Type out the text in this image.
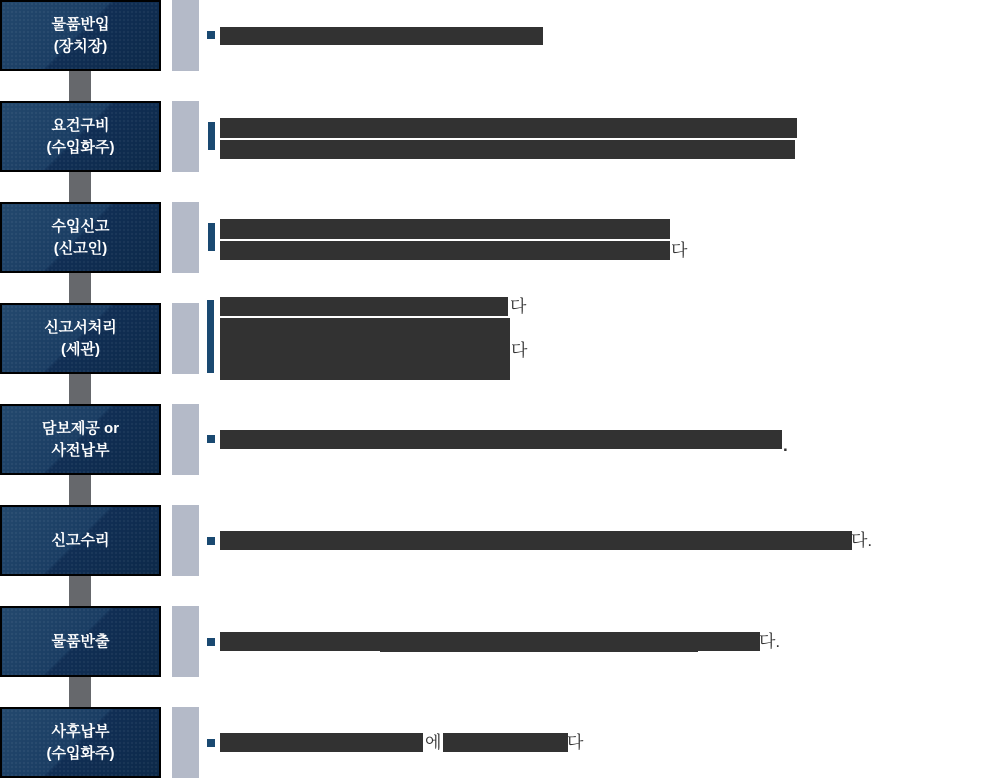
물품반입
(장치장)
요건구비
(수입화주)
수입신고
(신고인)
신고서처리
(세관)
담보제공 or
사전납부
신고수리
물품반출
사후납부
(수입화주)
다
다
다
.
다.
다.
에	다
